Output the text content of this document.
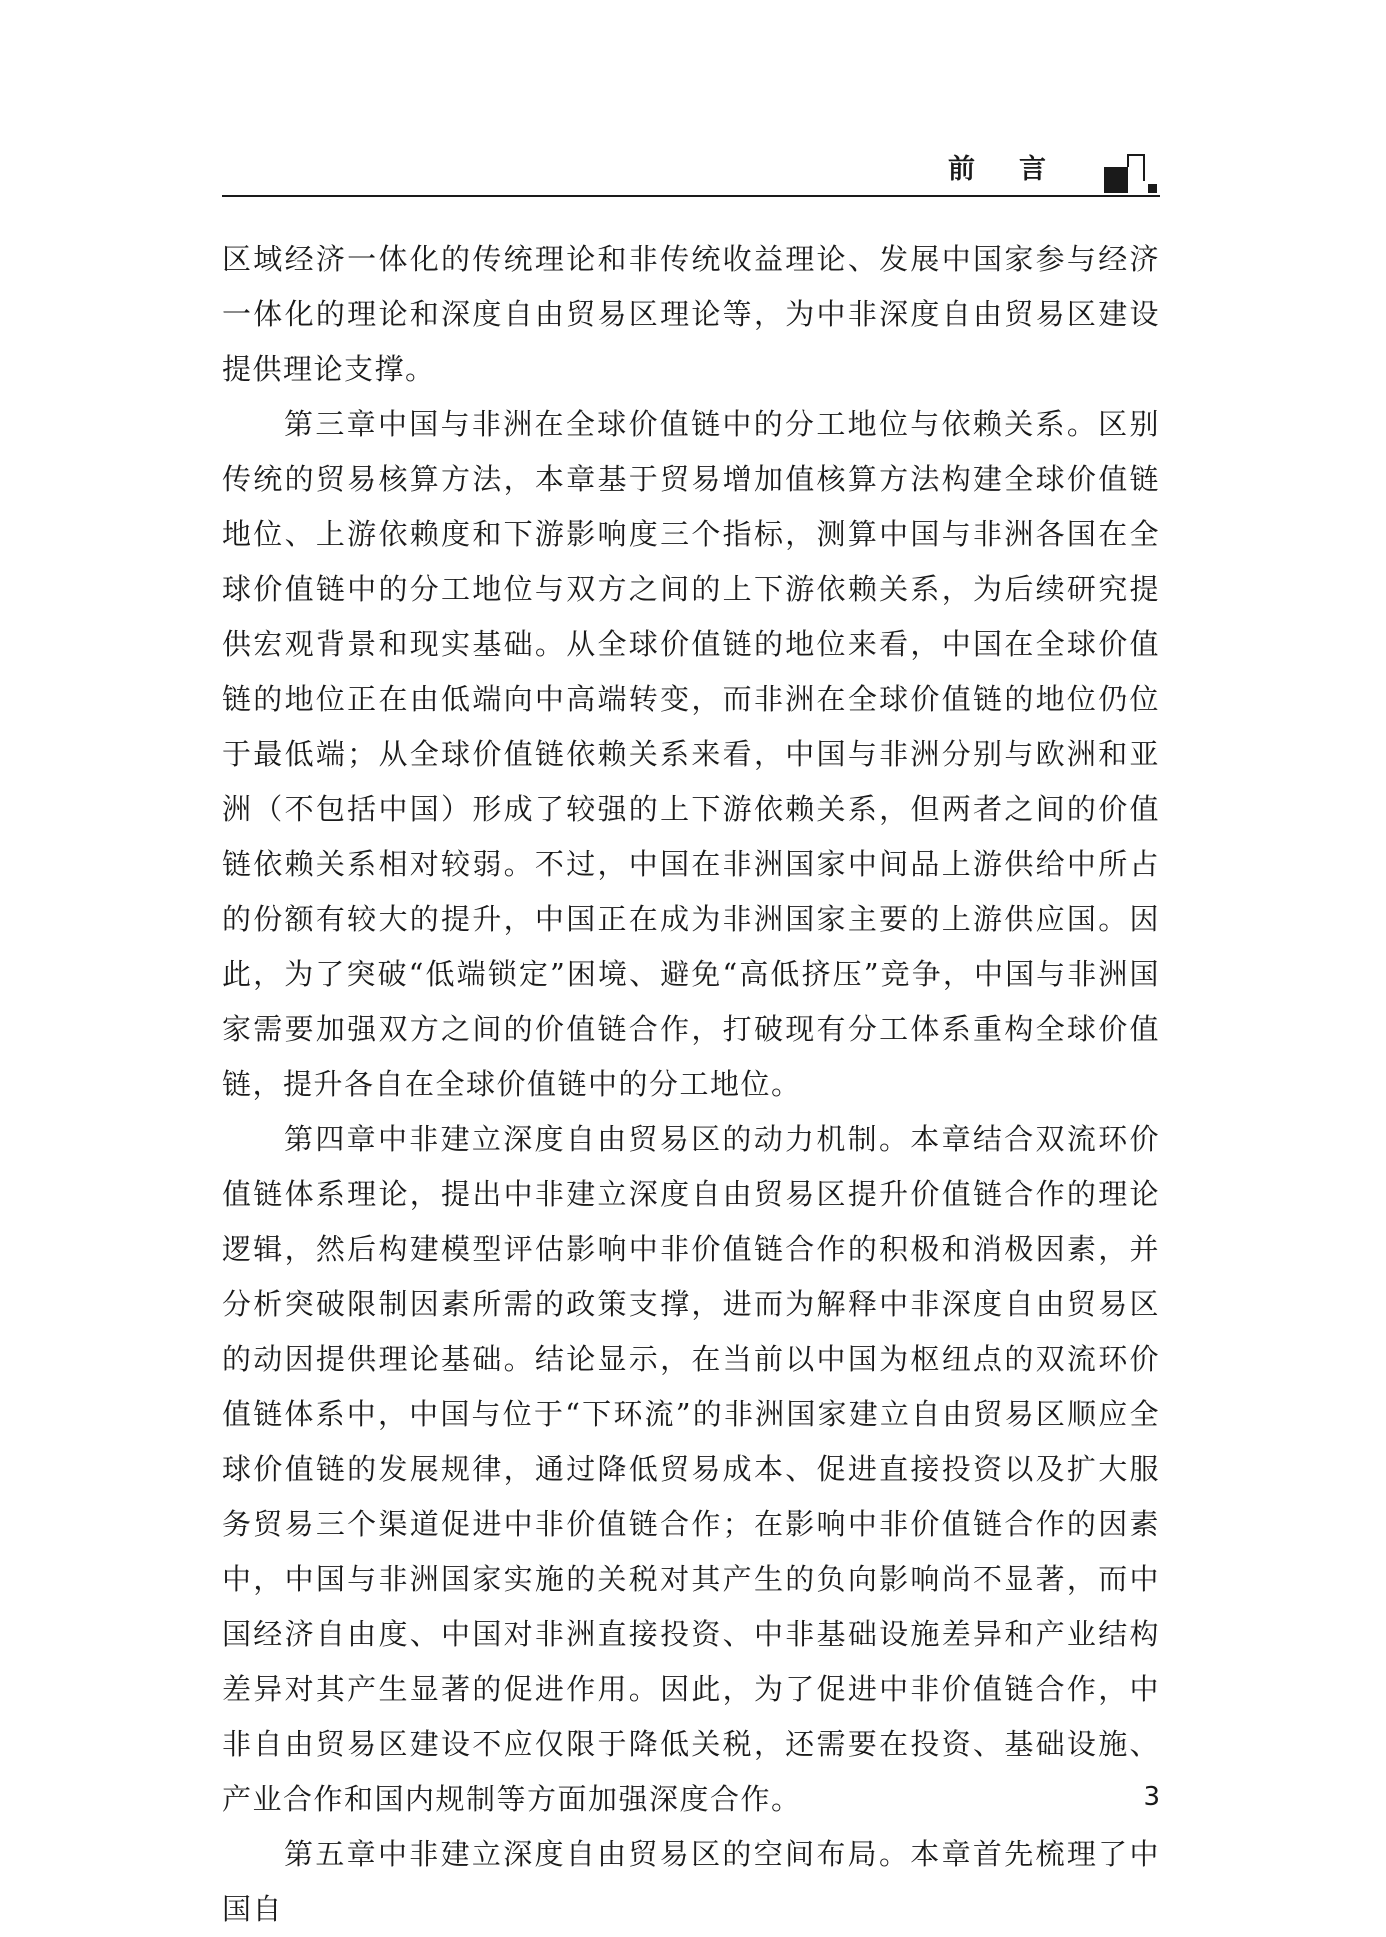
前言

区域经济一体化的传统理论和非传统收益理论、发展中国家参与经济一体化的理论和深度自由贸易区理论等，为中非深度自由贸易区建设提供理论支撑。

第三章中国与非洲在全球价值链中的分工地位与依赖关系。区别传统的贸易核算方法，本章基于贸易增加值核算方法构建全球价值链地位、上游依赖度和下游影响度三个指标，测算中国与非洲各国在全球价值链中的分工地位与双方之间的上下游依赖关系，为后续研究提供宏观背景和现实基础。从全球价值链的地位来看，中国在全球价值链的地位正在由低端向中高端转变，而非洲在全球价值链的地位仍位于最低端；从全球价值链依赖关系来看，中国与非洲分别与欧洲和亚洲（不包括中国）形成了较强的上下游依赖关系，但两者之间的价值链依赖关系相对较弱。不过，中国在非洲国家中间品上游供给中所占的份额有较大的提升，中国正在成为非洲国家主要的上游供应国。因此，为了突破“低端锁定”困境、避免“高低挤压”竞争，中国与非洲国家需要加强双方之间的价值链合作，打破现有分工体系重构全球价值链，提升各自在全球价值链中的分工地位。

第四章中非建立深度自由贸易区的动力机制。本章结合双流环价值链体系理论，提出中非建立深度自由贸易区提升价值链合作的理论逻辑，然后构建模型评估影响中非价值链合作的积极和消极因素，并分析突破限制因素所需的政策支撑，进而为解释中非深度自由贸易区的动因提供理论基础。结论显示，在当前以中国为枢纽点的双流环价值链体系中，中国与位于“下环流”的非洲国家建立自由贸易区顺应全球价值链的发展规律，通过降低贸易成本、促进直接投资以及扩大服务贸易三个渠道促进中非价值链合作；在影响中非价值链合作的因素中，中国与非洲国家实施的关税对其产生的负向影响尚不显著，而中国经济自由度、中国对非洲直接投资、中非基础设施差异和产业结构差异对其产生显著的促进作用。因此，为了促进中非价值链合作，中非自由贸易区建设不应仅限于降低关税，还需要在投资、基础设施、产业合作和国内规制等方面加强深度合作。

第五章中非建立深度自由贸易区的空间布局。本章首先梳理了中国自

3
